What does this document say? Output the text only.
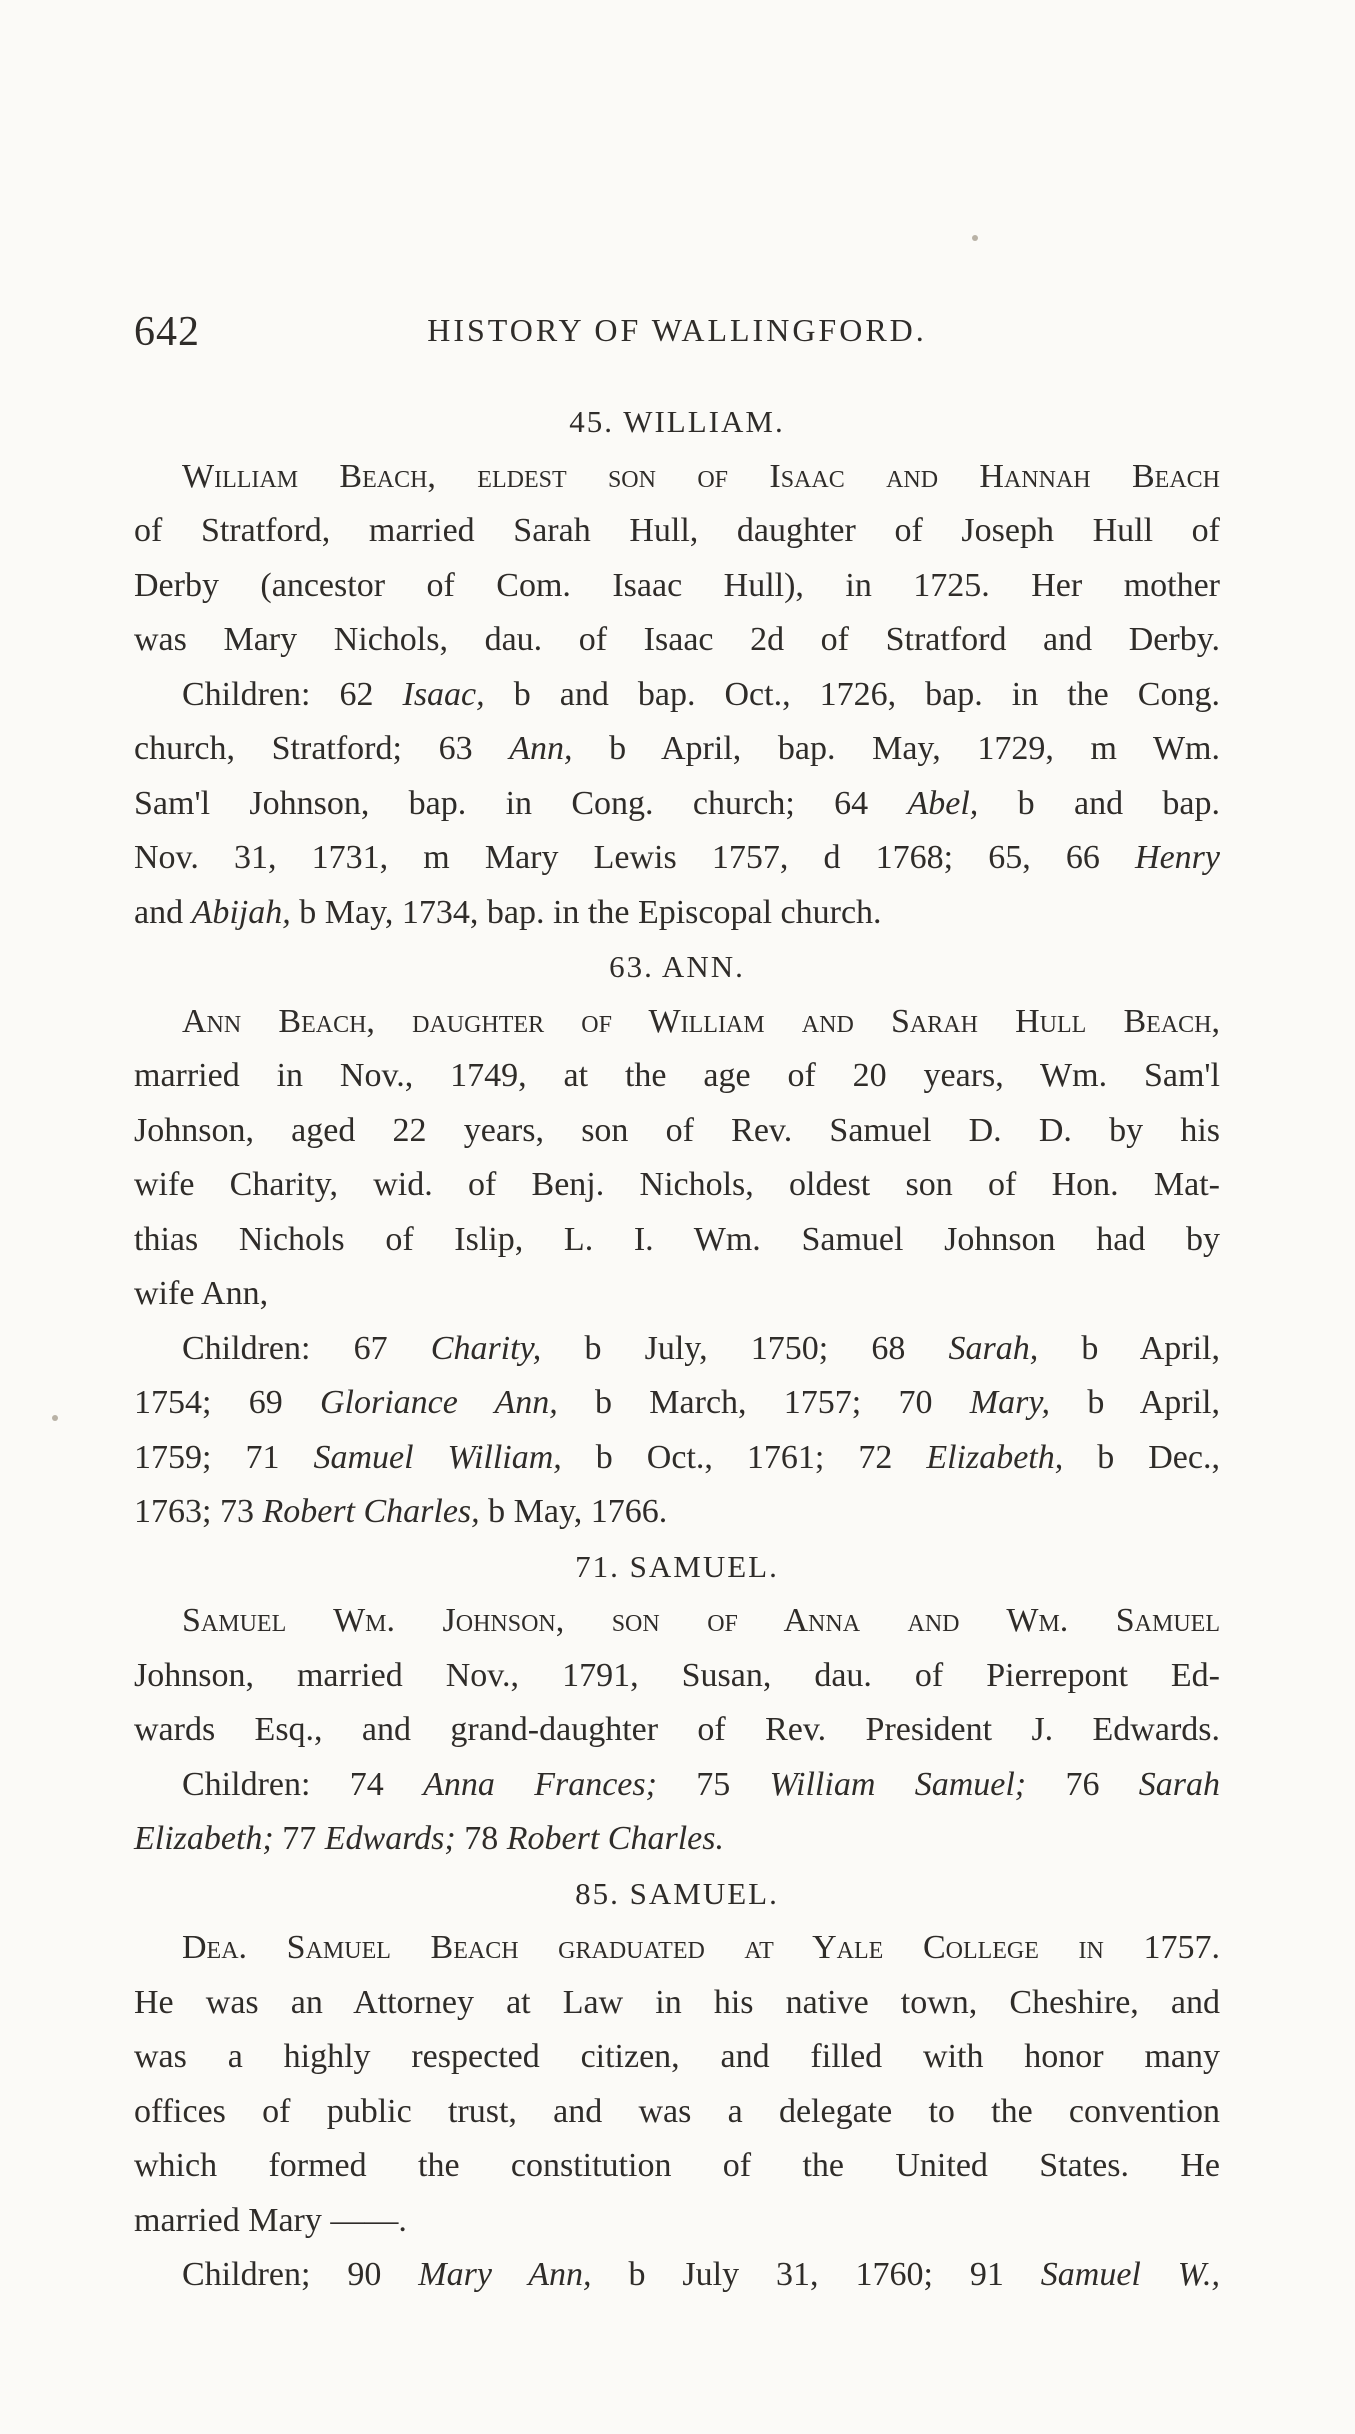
642	HISTORY OF WALLINGFORD.
45. WILLIAM.
William Beach, eldest son of Isaac and Hannah Beach
of Stratford, married Sarah Hull, daughter of Joseph Hull of
Derby (ancestor of Com. Isaac Hull), in 1725. Her mother
was Mary Nichols, dau. of Isaac 2d of Stratford and Derby.
Children: 62 Isaac, b and bap. Oct., 1726, bap. in the Cong.
church, Stratford; 63 Ann, b April, bap. May, 1729, m Wm.
Sam'l Johnson, bap. in Cong. church; 64 Abel, b and bap.
Nov. 31, 1731, m Mary Lewis 1757, d 1768; 65, 66 Henry
and Abijah, b May, 1734, bap. in the Episcopal church.
63. ANN.
Ann Beach, daughter of William and Sarah Hull Beach,
married in Nov., 1749, at the age of 20 years, Wm. Sam'l
Johnson, aged 22 years, son of Rev. Samuel D. D. by his
wife Charity, wid. of Benj. Nichols, oldest son of Hon. Mat-
thias Nichols of Islip, L. I. Wm. Samuel Johnson had by
wife Ann,
Children: 67 Charity, b July, 1750; 68 Sarah, b April,
1754; 69 Gloriance Ann, b March, 1757; 70 Mary, b April,
1759; 71 Samuel William, b Oct., 1761; 72 Elizabeth, b Dec.,
1763; 73 Robert Charles, b May, 1766.
71. SAMUEL.
Samuel Wm. Johnson, son of Anna and Wm. Samuel
Johnson, married Nov., 1791, Susan, dau. of Pierrepont Ed-
wards Esq., and grand-daughter of Rev. President J. Edwards.
Children: 74 Anna Frances; 75 William Samuel; 76 Sarah
Elizabeth; 77 Edwards; 78 Robert Charles.
85. SAMUEL.
Dea. Samuel Beach graduated at Yale College in 1757.
He was an Attorney at Law in his native town, Cheshire, and
was a highly respected citizen, and filled with honor many
offices of public trust, and was a delegate to the convention
which formed the constitution of the United States. He
married Mary ——.
Children; 90 Mary Ann, b July 31, 1760; 91 Samuel W.,
